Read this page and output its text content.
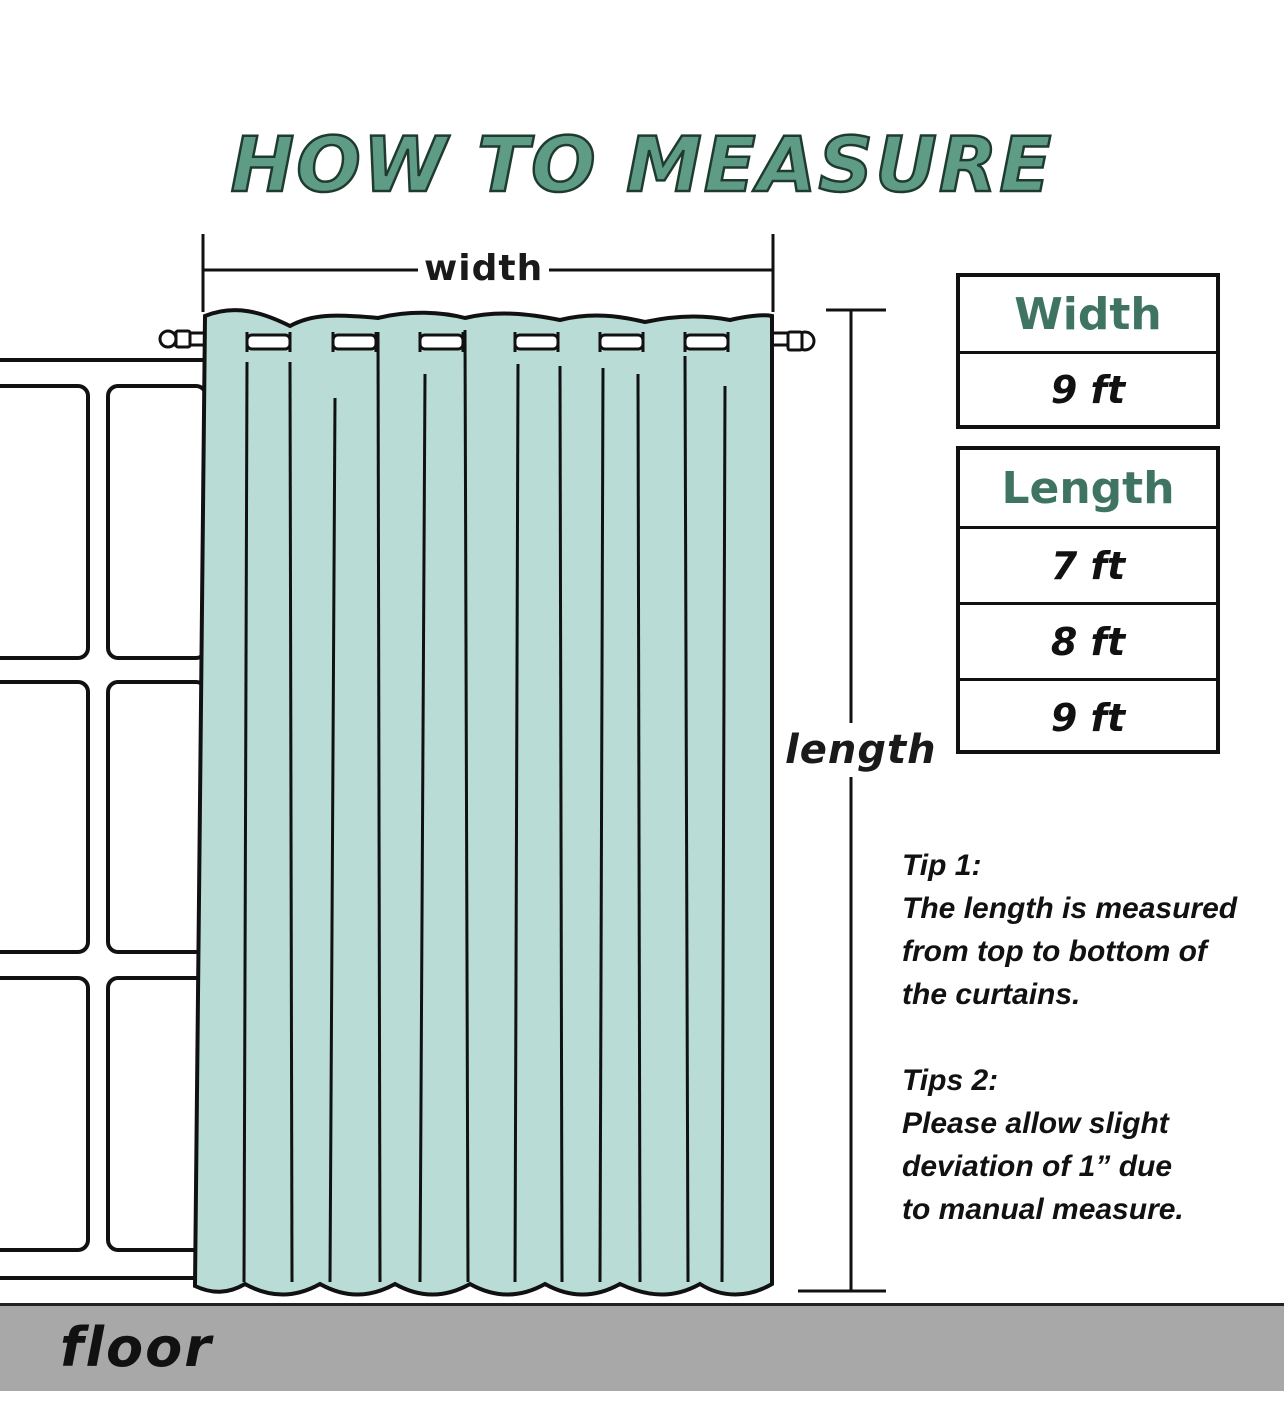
HOW TO MEASURE
width
length
Width
9 ft
Length
7 ft
8 ft
9 ft
Tip 1:
The length is measured
from top to bottom of
the curtains.
Tips 2:
Please allow slight
deviation of 1” due
to manual measure.
floor
